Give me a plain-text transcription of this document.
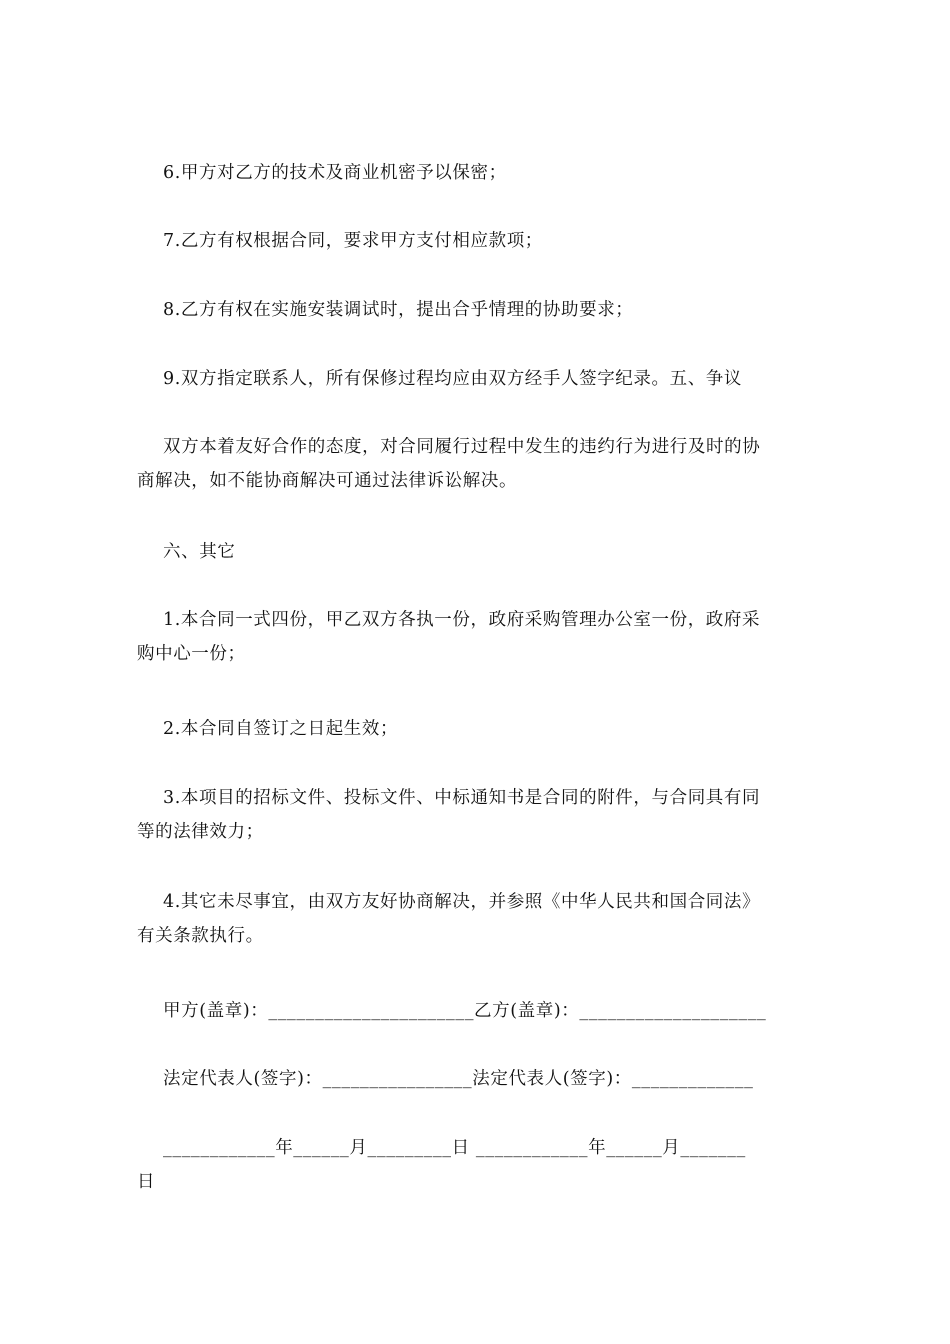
6.甲方对乙方的技术及商业机密予以保密；
7.乙方有权根据合同，要求甲方支付相应款项；
8.乙方有权在实施安装调试时，提出合乎情理的协助要求；
9.双方指定联系人，所有保修过程均应由双方经手人签字纪录。五、争议
双方本着友好合作的态度，对合同履行过程中发生的违约行为进行及时的协
商解决，如不能协商解决可通过法律诉讼解决。
六、其它
1.本合同一式四份，甲乙双方各执一份，政府采购管理办公室一份，政府采
购中心一份；
2.本合同自签订之日起生效；
3.本项目的招标文件、投标文件、中标通知书是合同的附件，与合同具有同
等的法律效力；
4.其它未尽事宜，由双方友好协商解决，并参照《中华人民共和国合同法》
有关条款执行。
甲方(盖章)：______________________乙方(盖章)：____________________
法定代表人(签字)：________________法定代表人(签字)：_____________
____________年______月_________日 ____________年______月_______
日
